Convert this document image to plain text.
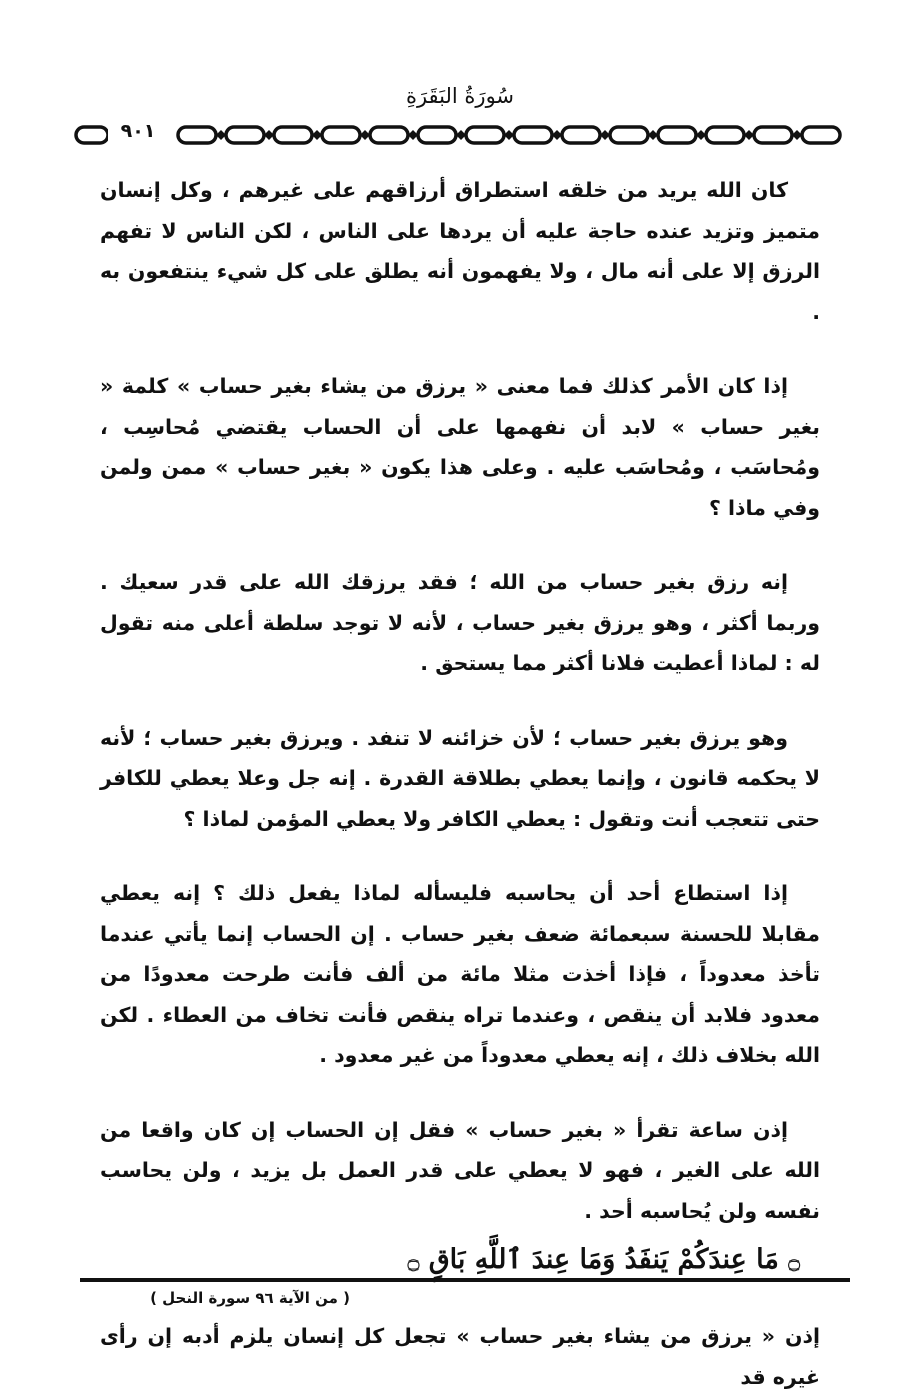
سُورَةُ البَقَرَةِ
٩٠١

كان الله يريد من خلقه استطراق أرزاقهم على غيرهم ، وكل إنسان متميز وتزيد عنده حاجة عليه أن يردها على الناس ، لكن الناس لا تفهم الرزق إلا على أنه مال ، ولا يفهمون أنه يطلق على كل شيء ينتفعون به .

إذا كان الأمر كذلك فما معنى « يرزق من يشاء بغير حساب » كلمة « بغير حساب » لابد أن نفهمها على أن الحساب يقتضي مُحاسِب ، ومُحاسَب ، ومُحاسَب عليه . وعلى هذا يكون « بغير حساب » ممن ولمن وفي ماذا ؟

إنه رزق بغير حساب من الله ؛ فقد يرزقك الله على قدر سعيك . وربما أكثر ، وهو يرزق بغير حساب ، لأنه لا توجد سلطة أعلى منه تقول له : لماذا أعطيت فلانا أكثر مما يستحق .

وهو يرزق بغير حساب ؛ لأن خزائنه لا تنفد . ويرزق بغير حساب ؛ لأنه لا يحكمه قانون ، وإنما يعطي بطلاقة القدرة . إنه جل وعلا يعطي للكافر حتى تتعجب أنت وتقول : يعطي الكافر ولا يعطي المؤمن لماذا ؟

إذا استطاع أحد أن يحاسبه فليسأله لماذا يفعل ذلك ؟ إنه يعطي مقابلا للحسنة سبعمائة ضعف بغير حساب . إن الحساب إنما يأتي عندما تأخذ معدوداً ، فإذا أخذت مثلا مائة من ألف فأنت طرحت معدودًا من معدود فلابد أن ينقص ، وعندما تراه ينقص فأنت تخاف من العطاء . لكن الله بخلاف ذلك ، إنه يعطي معدوداً من غير معدود .

إذن ساعة تقرأ « بغير حساب » فقل إن الحساب إن كان واقعا من الله على الغير ، فهو لا يعطي على قدر العمل بل يزيد ، ولن يحاسب نفسه ولن يُحاسبه أحد .

۝ مَا عِندَكُمْ يَنفَدُ وَمَا عِندَ ٱللَّهِ بَاقٍ ۝
( من الآية ٩٦ سورة النحل )

إذن « يرزق من يشاء بغير حساب » تجعل كل إنسان يلزم أدبه إن رأى غيره قد
